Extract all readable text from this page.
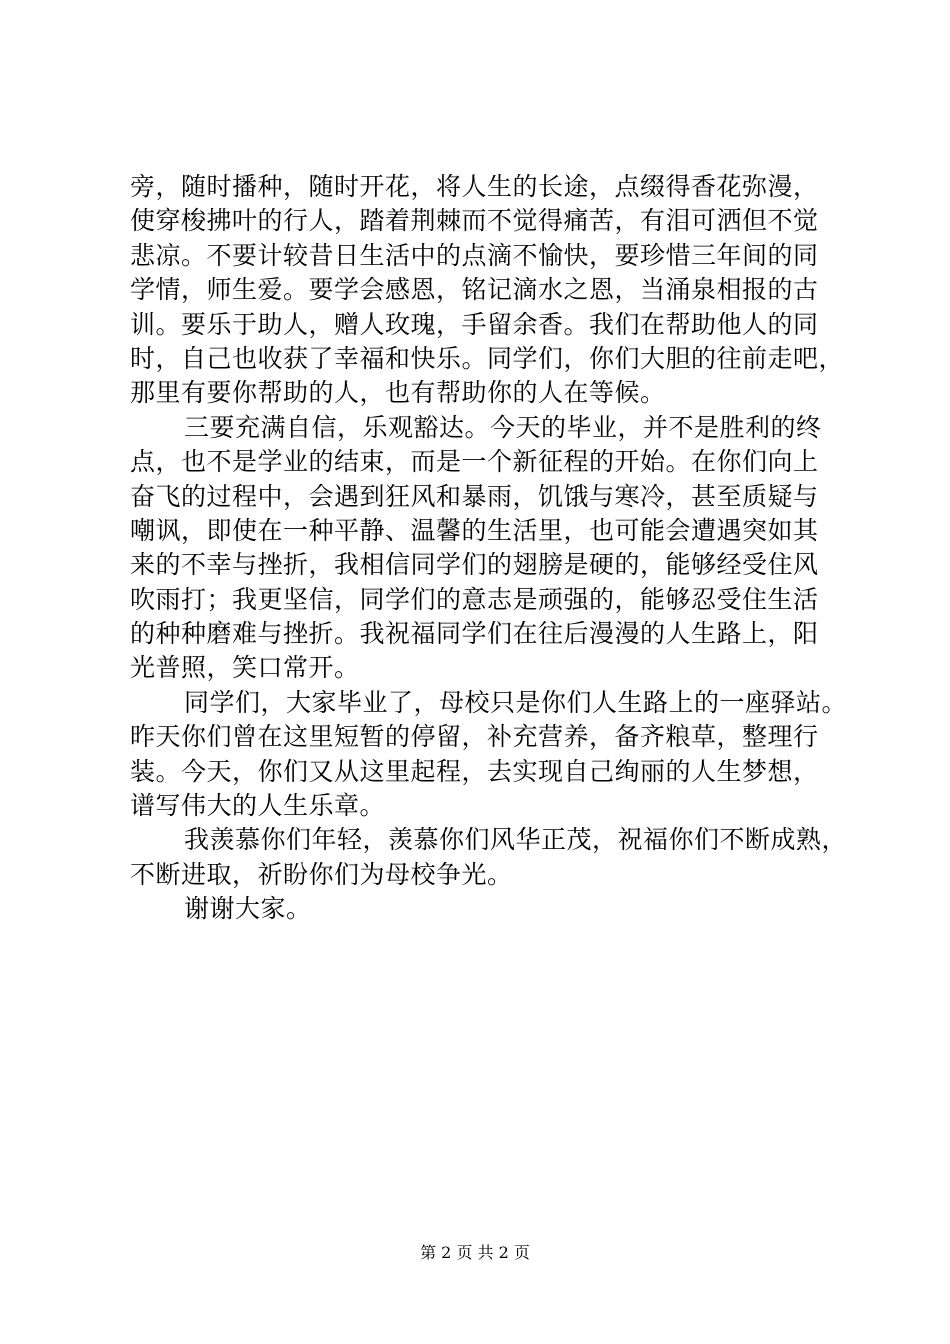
旁，随时播种，随时开花，将人生的长途，点缀得香花弥漫，
使穿梭拂叶的行人，踏着荆棘而不觉得痛苦，有泪可洒但不觉
悲凉。不要计较昔日生活中的点滴不愉快，要珍惜三年间的同
学情，师生爱。要学会感恩，铭记滴水之恩，当涌泉相报的古
训。要乐于助人，赠人玫瑰，手留余香。我们在帮助他人的同
时，自己也收获了幸福和快乐。同学们，你们大胆的往前走吧，
那里有要你帮助的人，也有帮助你的人在等候。
三要充满自信，乐观豁达。今天的毕业，并不是胜利的终
点，也不是学业的结束，而是一个新征程的开始。在你们向上
奋飞的过程中，会遇到狂风和暴雨，饥饿与寒冷，甚至质疑与
嘲讽，即使在一种平静、温馨的生活里，也可能会遭遇突如其
来的不幸与挫折，我相信同学们的翅膀是硬的，能够经受住风
吹雨打；我更坚信，同学们的意志是顽强的，能够忍受住生活
的种种磨难与挫折。我祝福同学们在往后漫漫的人生路上，阳
光普照，笑口常开。
同学们，大家毕业了，母校只是你们人生路上的一座驿站。
昨天你们曾在这里短暂的停留，补充营养，备齐粮草，整理行
装。今天，你们又从这里起程，去实现自己绚丽的人生梦想，
谱写伟大的人生乐章。
我羡慕你们年轻，羡慕你们风华正茂，祝福你们不断成熟，
不断进取，祈盼你们为母校争光。
谢谢大家。
第 2 页 共 2 页
